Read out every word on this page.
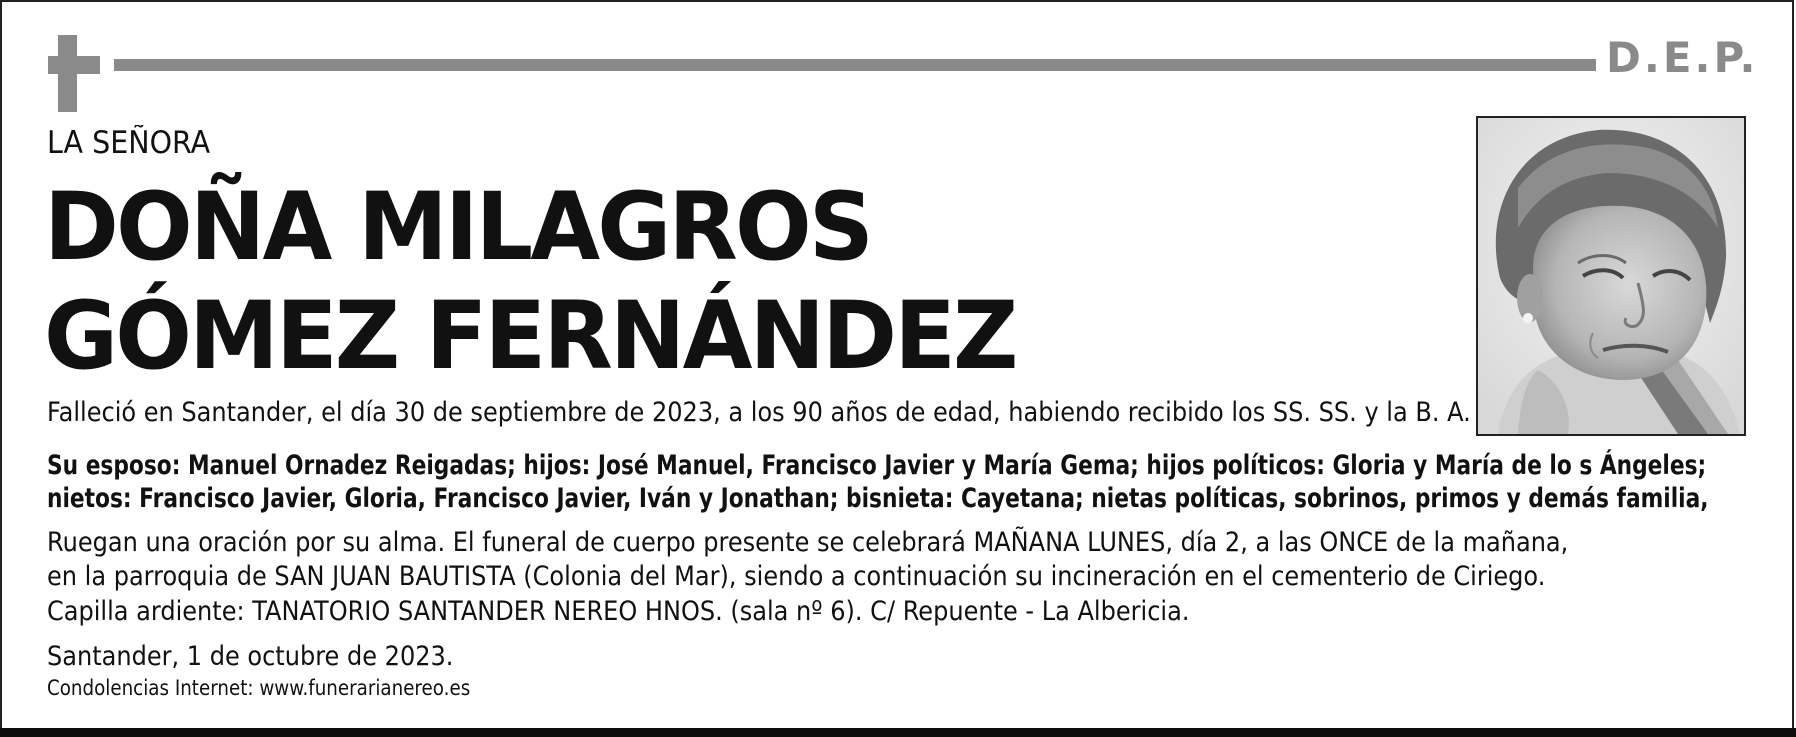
D.E.P.
LA SEÑORA
DOÑA MILAGROS
GÓMEZ FERNÁNDEZ
Falleció en Santander, el día 30 de septiembre de 2023, a los 90 años de edad, habiendo recibido los SS. SS. y la B. A.
Su esposo: Manuel Ornadez Reigadas; hijos: José Manuel, Francisco Javier y María Gema; hijos políticos: Gloria y María de lo s Ángeles;
nietos: Francisco Javier, Gloria, Francisco Javier, Iván y Jonathan; bisnieta: Cayetana; nietas políticas, sobrinos, primos y demás familia,
Ruegan una oración por su alma. El funeral de cuerpo presente se celebrará MAÑANA LUNES, día 2, a las ONCE de la mañana,
en la parroquia de SAN JUAN BAUTISTA (Colonia del Mar), siendo a continuación su incineración en el cementerio de Ciriego.
Capilla ardiente: TANATORIO SANTANDER NEREO HNOS. (sala nº 6). C/ Repuente - La Albericia.
Santander, 1 de octubre de 2023.
Condolencias Internet: www.funerarianereo.es
